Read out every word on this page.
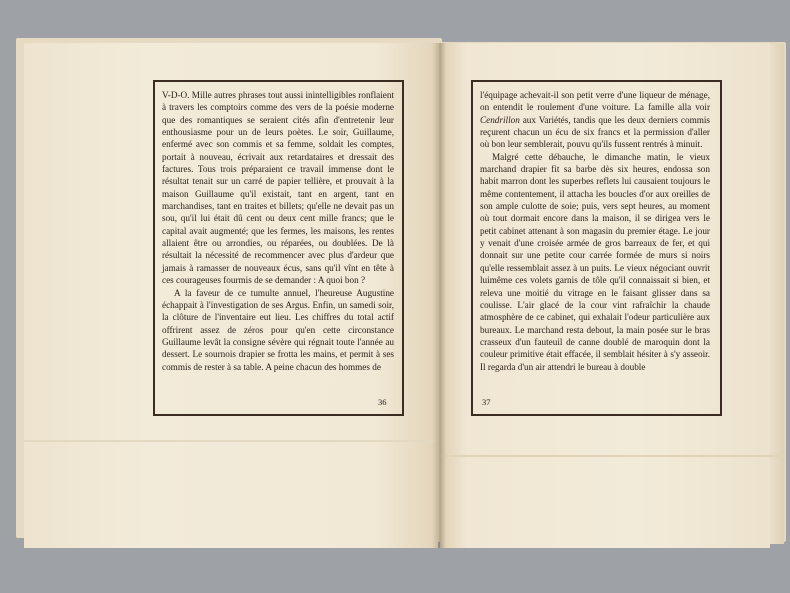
V-D-O. Mille autres phrases tout aussi inintelligibles ronflaient à travers les comptoirs comme des vers de la poésie moderne que des romantiques se seraient cités afin d'entretenir leur enthousiasme pour un de leurs poètes. Le soir, Guillaume, enfermé avec son commis et sa femme, soldait les comptes, portait à nouveau, écrivait aux retardataires et dressait des factures. Tous trois préparaient ce travail immense dont le résultat tenait sur un carré de papier tellière, et prouvait à la maison Guillaume qu'il existait, tant en argent, tant en marchandises, tant en traites et billets; qu'elle ne devait pas un sou, qu'il lui était dû cent ou deux cent mille francs; que le capital avait augmenté; que les fermes, les maisons, les rentes allaient être ou arrondies, ou réparées, ou doublées. De là résultait la nécessité de recommencer avec plus d'ardeur que jamais à ramasser de nouveaux écus, sans qu'il vînt en tête à ces courageuses fourmis de se demander : A quoi bon ?

A la faveur de ce tumulte annuel, l'heureuse Augustine échappait à l'investigation de ses Argus. Enfin, un samedi soir, la clôture de l'inventaire eut lieu. Les chiffres du total actif offrirent assez de zéros pour qu'en cette circonstance Guillaume levât la consigne sévère qui régnait toute l'année au dessert. Le sournois drapier se frotta les mains, et permit à ses commis de rester à sa table. A peine chacun des hommes de

36

l'équipage achevait-il son petit verre d'une liqueur de ménage, on entendit le roulement d'une voiture. La famille alla voir Cendrillon aux Variétés, tandis que les deux derniers commis reçurent chacun un écu de six francs et la permission d'aller où bon leur semblerait, pouvu qu'ils fussent rentrés à minuit.

Malgré cette débauche, le dimanche matin, le vieux marchand drapier fit sa barbe dès six heures, endossa son habit marron dont les superbes reflets lui causaient toujours le même contentement, il attacha les boucles d'or aux oreilles de son ample culotte de soie; puis, vers sept heures, au moment où tout dormait encore dans la maison, il se dirigea vers le petit cabinet attenant à son magasin du premier étage. Le jour y venait d'une croisée armée de gros barreaux de fer, et qui donnait sur une petite cour carrée formée de murs si noirs qu'elle ressemblait assez à un puits. Le vieux négociant ouvrit luimême ces volets garnis de tôle qu'il connaissait si bien, et releva une moitié du vitrage en le faisant glisser dans sa coulisse. L'air glacé de la cour vint rafraîchir la chaude atmosphère de ce cabinet, qui exhalait l'odeur particulière aux bureaux. Le marchand resta debout, la main posée sur le bras crasseux d'un fauteuil de canne doublé de maroquin dont la couleur primitive était effacée, il semblait hésiter à s'y asseoir. Il regarda d'un air attendri le bureau à double

37
